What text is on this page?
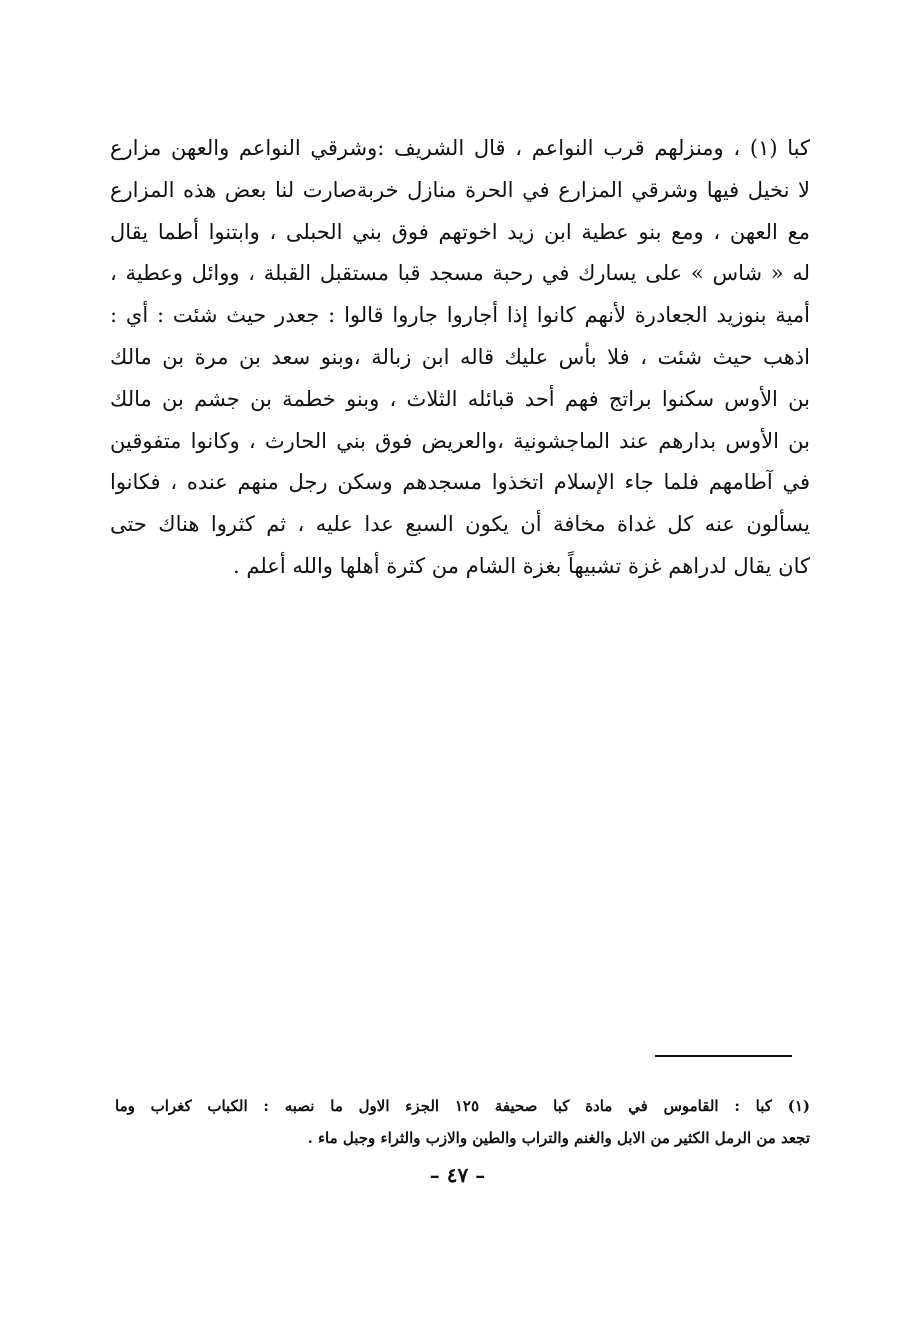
كبا (١) ، ومنزلهم قرب النواعم ، قال الشريف :وشرقي النواعم والعهن مزارع
لا نخيل فيها وشرقي المزارع في الحرة منازل خربةصارت لنا بعض هذه المزارع
مع العهن ، ومع بنو عطية ابن زيد اخوتهم فوق بني الحبلى ، وابتنوا أطما يقال
له « شاس » على يسارك في رحبة مسجد قبا مستقبل القبلة ، ووائل وعطية ،
أمية بنوزيد الجعادرة لأنهم كانوا إذا أجاروا جاروا قالوا : جعدر حيث شئت : أي :
اذهب حيث شئت ، فلا بأس عليك قاله ابن زبالة ،وبنو سعد بن مرة بن مالك
بن الأوس سكنوا براتج فهم أحد قبائله الثلاث ، وبنو خطمة بن جشم بن مالك
بن الأوس بدارهم عند الماجشونية ،والعريض فوق بني الحارث ، وكانوا متفوقين
في آطامهم فلما جاء الإسلام اتخذوا مسجدهم وسكن رجل منهم عنده ، فكانوا
يسألون عنه كل غداة مخافة أن يكون السبع عدا عليه ، ثم كثروا هناك حتى
كان يقال لدراهم غزة تشبيهاً بغزة الشام من كثرة أهلها والله أعلم .
(١) كبا : القاموس في مادة كبا صحيفة ١٢٥ الجزء الاول ما نصبه : الكباب كغراب وما
تجعد من الرمل الكثير من الابل والغنم والتراب والطين والازب والثراء وجبل ماء .
– ٤٧ –
